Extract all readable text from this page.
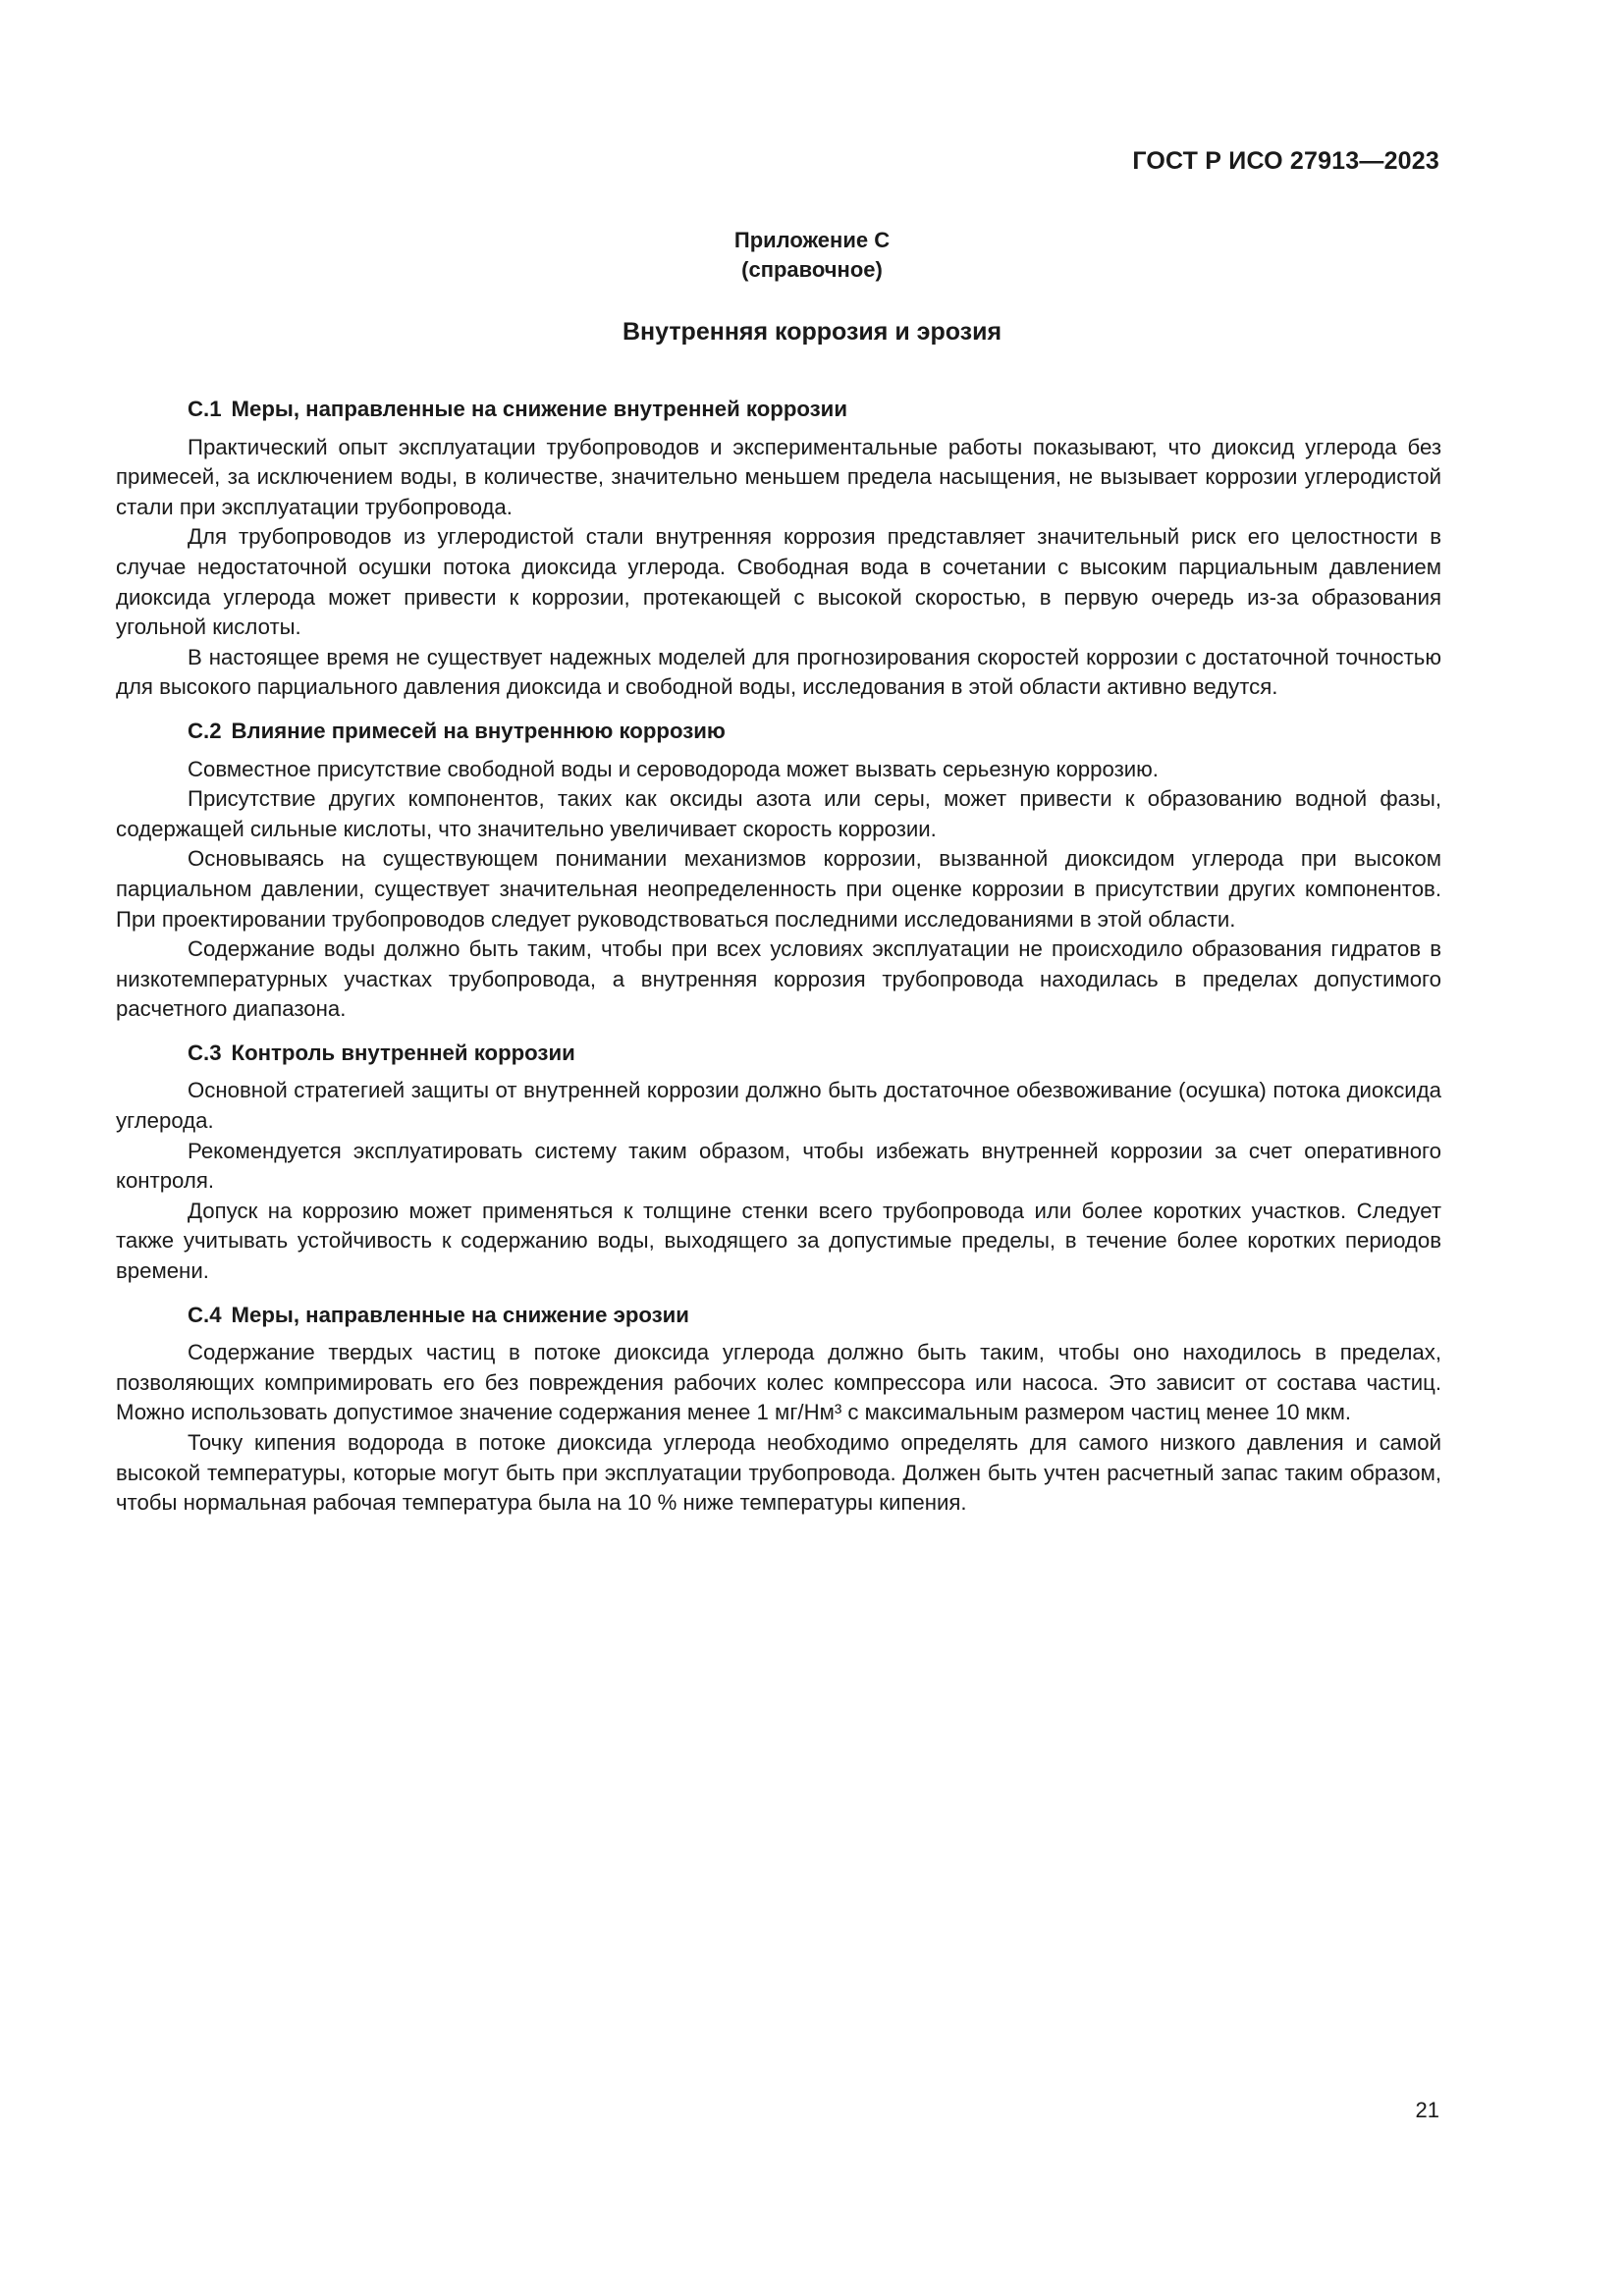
ГОСТ Р ИСО 27913—2023
Приложение С
(справочное)
Внутренняя коррозия и эрозия
С.1 Меры, направленные на снижение внутренней коррозии

Практический опыт эксплуатации трубопроводов и экспериментальные работы показывают, что диоксид углерода без примесей, за исключением воды, в количестве, значительно меньшем предела насыщения, не вызывает коррозии углеродистой стали при эксплуатации трубопровода.

Для трубопроводов из углеродистой стали внутренняя коррозия представляет значительный риск его целостности в случае недостаточной осушки потока диоксида углерода. Свободная вода в сочетании с высоким парциальным давлением диоксида углерода может привести к коррозии, протекающей с высокой скоростью, в первую очередь из-за образования угольной кислоты.

В настоящее время не существует надежных моделей для прогнозирования скоростей коррозии с достаточной точностью для высокого парциального давления диоксида и свободной воды, исследования в этой области активно ведутся.

С.2 Влияние примесей на внутреннюю коррозию

Совместное присутствие свободной воды и сероводорода может вызвать серьезную коррозию.

Присутствие других компонентов, таких как оксиды азота или серы, может привести к образованию водной фазы, содержащей сильные кислоты, что значительно увеличивает скорость коррозии.

Основываясь на существующем понимании механизмов коррозии, вызванной диоксидом углерода при высоком парциальном давлении, существует значительная неопределенность при оценке коррозии в присутствии других компонентов. При проектировании трубопроводов следует руководствоваться последними исследованиями в этой области.

Содержание воды должно быть таким, чтобы при всех условиях эксплуатации не происходило образования гидратов в низкотемпературных участках трубопровода, а внутренняя коррозия трубопровода находилась в пределах допустимого расчетного диапазона.

С.3 Контроль внутренней коррозии

Основной стратегией защиты от внутренней коррозии должно быть достаточное обезвоживание (осушка) потока диоксида углерода.

Рекомендуется эксплуатировать систему таким образом, чтобы избежать внутренней коррозии за счет оперативного контроля.

Допуск на коррозию может применяться к толщине стенки всего трубопровода или более коротких участков. Следует также учитывать устойчивость к содержанию воды, выходящего за допустимые пределы, в течение более коротких периодов времени.

С.4 Меры, направленные на снижение эрозии

Содержание твердых частиц в потоке диоксида углерода должно быть таким, чтобы оно находилось в пределах, позволяющих компримировать его без повреждения рабочих колес компрессора или насоса. Это зависит от состава частиц. Можно использовать допустимое значение содержания менее 1 мг/Нм³ с максимальным размером частиц менее 10 мкм.

Точку кипения водорода в потоке диоксида углерода необходимо определять для самого низкого давления и самой высокой температуры, которые могут быть при эксплуатации трубопровода. Должен быть учтен расчетный запас таким образом, чтобы нормальная рабочая температура была на 10 % ниже температуры кипения.

21
